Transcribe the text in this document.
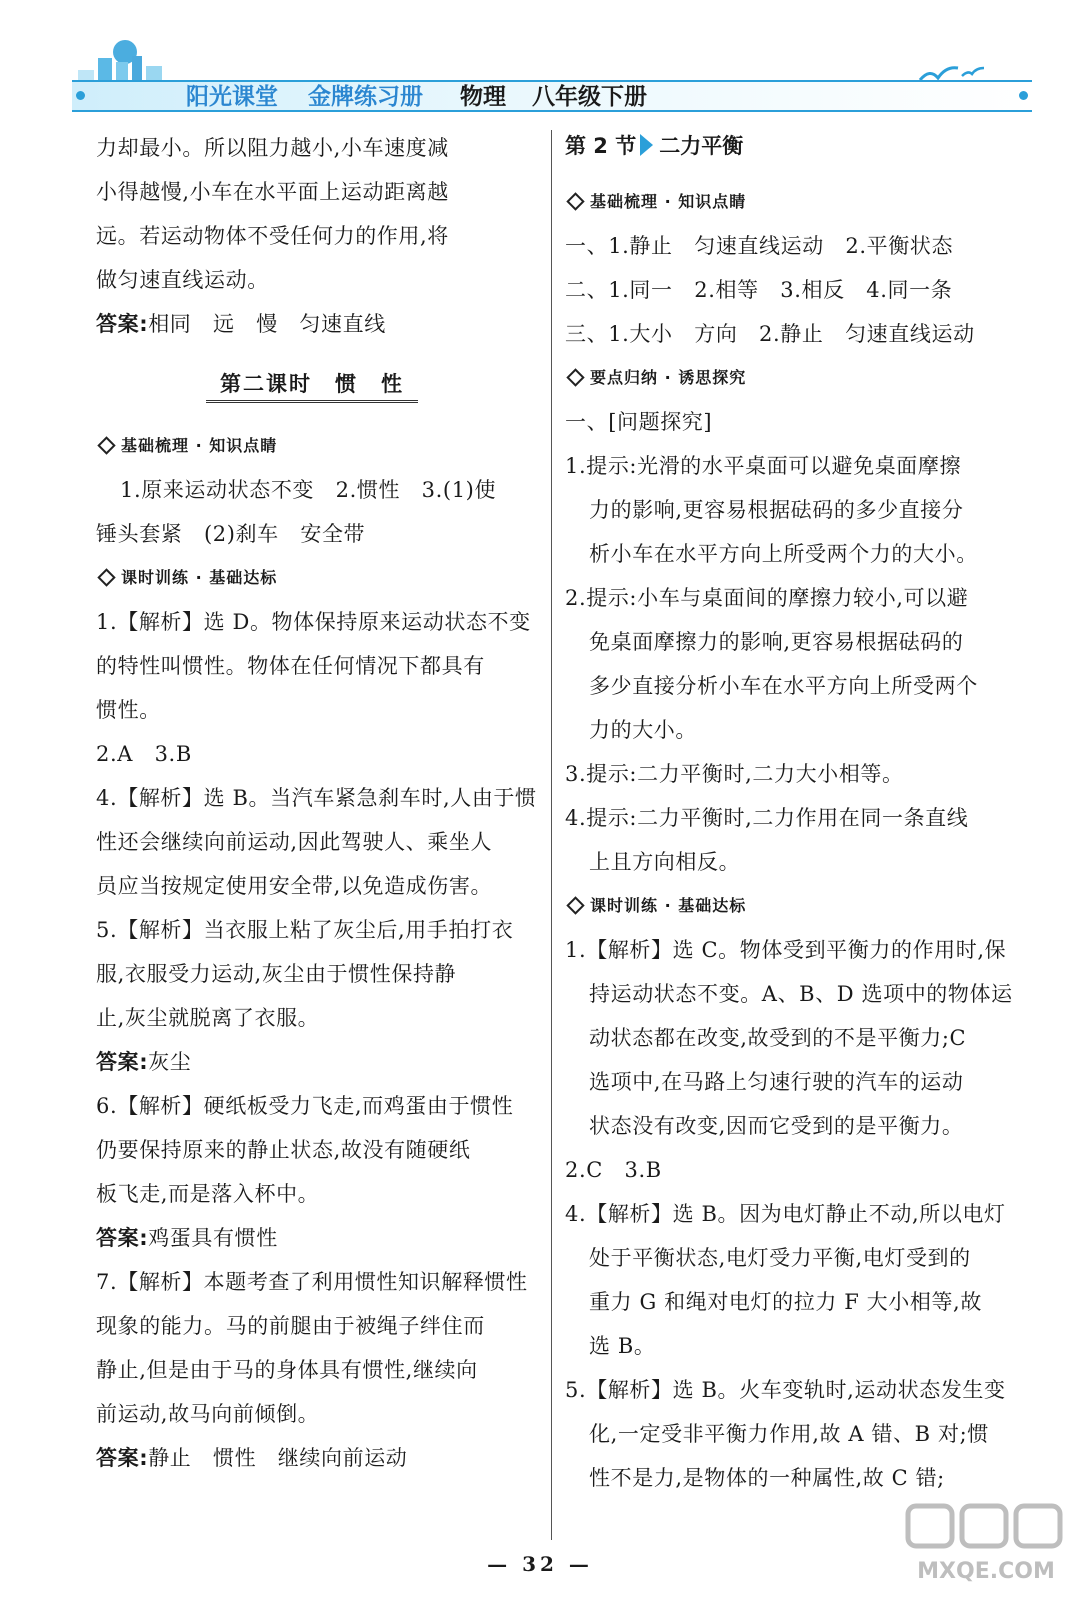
阳光课堂 金牌练习册 物理 八年级下册
力却最小。所以阻力越小,小车速度减
小得越慢,小车在水平面上运动距离越
远。若运动物体不受任何力的作用,将
做匀速直线运动。
答案:相同　远　慢　匀速直线
第二课时　惯　性
基础梳理 · 知识点睛
1.原来运动状态不变　2.惯性　3.(1)使
锤头套紧　(2)刹车　安全带
课时训练 · 基础达标
1.【解析】选 D。物体保持原来运动状态不变
的特性叫惯性。物体在任何情况下都具有
惯性。
2.A　3.B
4.【解析】选 B。当汽车紧急刹车时,人由于惯
性还会继续向前运动,因此驾驶人、乘坐人
员应当按规定使用安全带,以免造成伤害。
5.【解析】当衣服上粘了灰尘后,用手拍打衣
服,衣服受力运动,灰尘由于惯性保持静
止,灰尘就脱离了衣服。
答案:灰尘
6.【解析】硬纸板受力飞走,而鸡蛋由于惯性
仍要保持原来的静止状态,故没有随硬纸
板飞走,而是落入杯中。
答案:鸡蛋具有惯性
7.【解析】本题考查了利用惯性知识解释惯性
现象的能力。马的前腿由于被绳子绊住而
静止,但是由于马的身体具有惯性,继续向
前运动,故马向前倾倒。
答案:静止　惯性　继续向前运动
第 2 节 二力平衡
基础梳理 · 知识点睛
一、1.静止　匀速直线运动　2.平衡状态
二、1.同一　2.相等　3.相反　4.同一条
三、1.大小　方向　2.静止　匀速直线运动
要点归纳 · 诱思探究
一、[问题探究]
1.提示:光滑的水平桌面可以避免桌面摩擦
力的影响,更容易根据砝码的多少直接分
析小车在水平方向上所受两个力的大小。
2.提示:小车与桌面间的摩擦力较小,可以避
免桌面摩擦力的影响,更容易根据砝码的
多少直接分析小车在水平方向上所受两个
力的大小。
3.提示:二力平衡时,二力大小相等。
4.提示:二力平衡时,二力作用在同一条直线
上且方向相反。
课时训练 · 基础达标
1.【解析】选 C。物体受到平衡力的作用时,保
持运动状态不变。A、B、D 选项中的物体运
动状态都在改变,故受到的不是平衡力;C
选项中,在马路上匀速行驶的汽车的运动
状态没有改变,因而它受到的是平衡力。
2.C　3.B
4.【解析】选 B。因为电灯静止不动,所以电灯
处于平衡状态,电灯受力平衡,电灯受到的
重力 G 和绳对电灯的拉力 F 大小相等,故
选 B。
5.【解析】选 B。火车变轨时,运动状态发生变
化,一定受非平衡力作用,故 A 错、B 对;惯
性不是力,是物体的一种属性,故 C 错;
— 32 —	MXQE.COM
